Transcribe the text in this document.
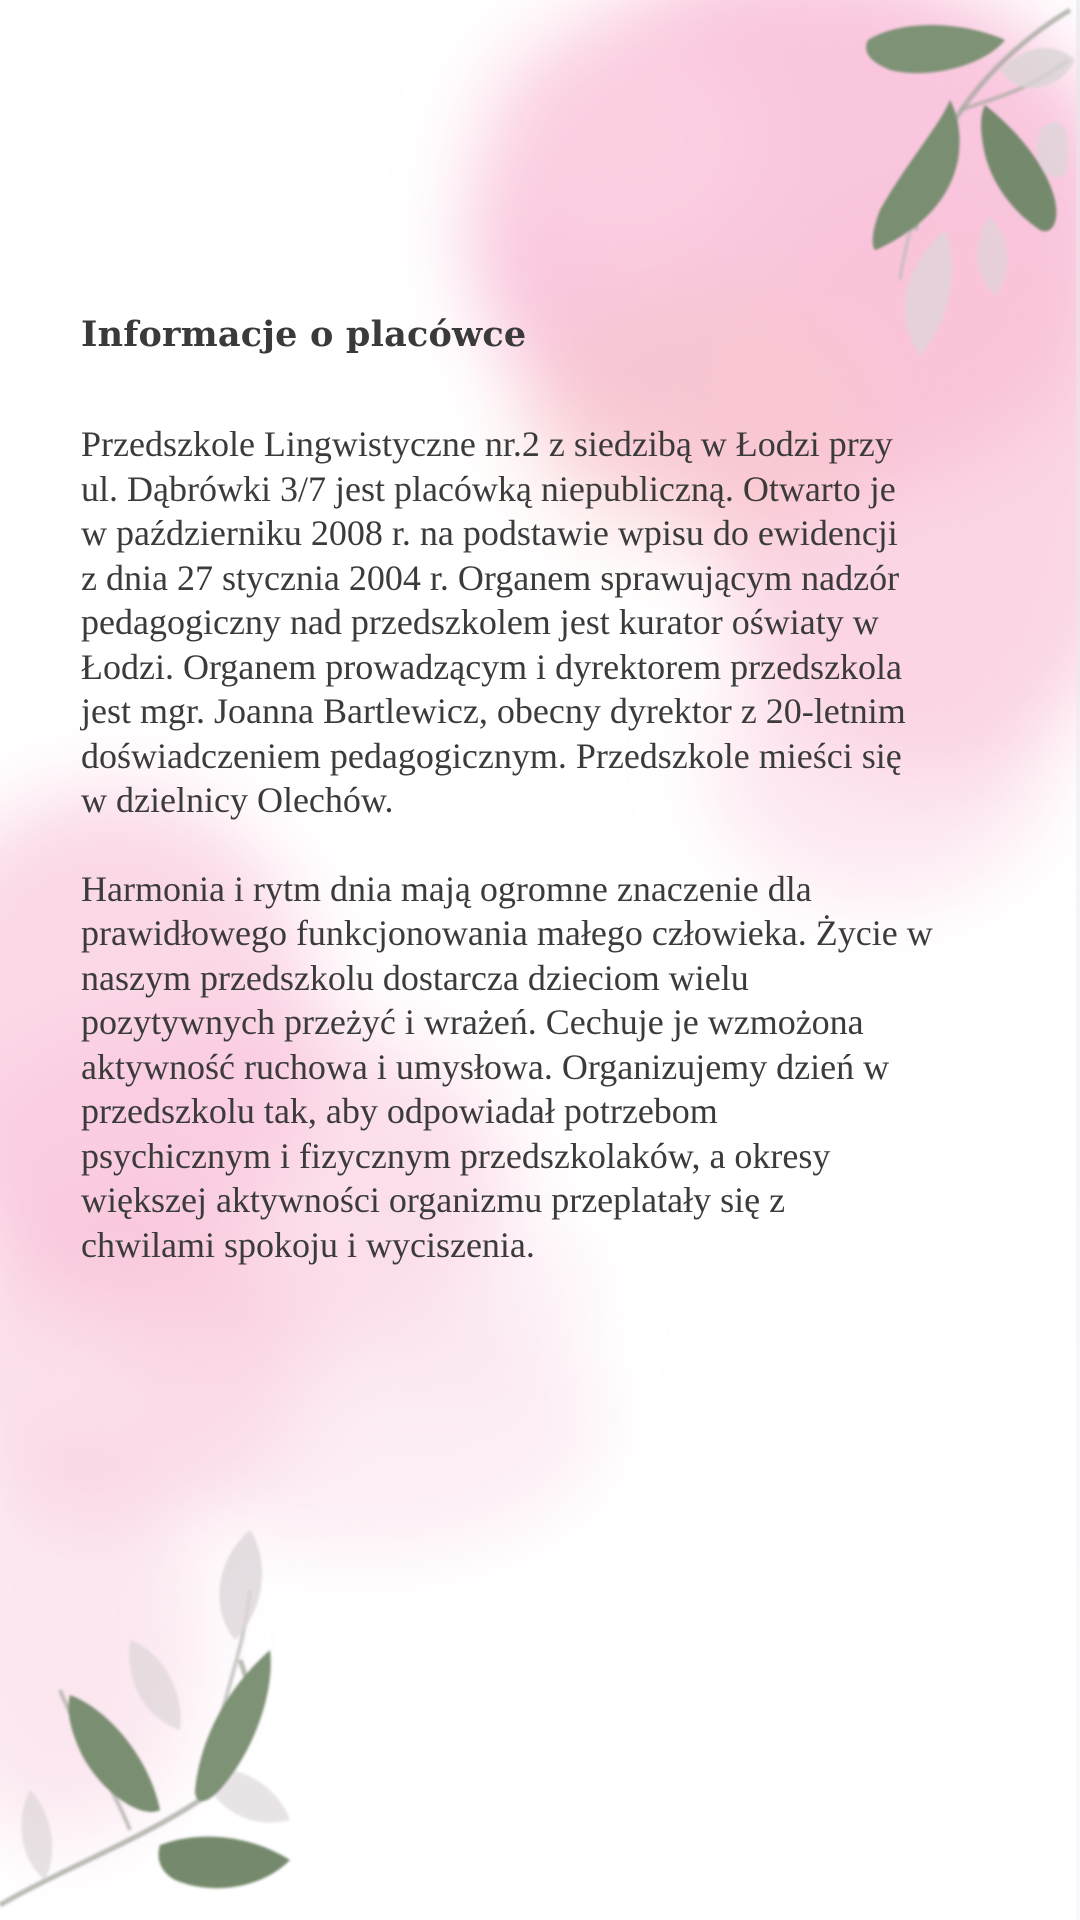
Informacje o placówce

Przedszkole Lingwistyczne nr.2 z siedzibą w Łodzi przy
ul. Dąbrówki 3/7 jest placówką niepubliczną. Otwarto je
w październiku 2008 r. na podstawie wpisu do ewidencji
z dnia 27 stycznia 2004 r. Organem sprawującym nadzór
pedagogiczny nad przedszkolem jest kurator oświaty w
Łodzi. Organem prowadzącym i dyrektorem przedszkola
jest mgr. Joanna Bartlewicz, obecny dyrektor z 20-letnim
doświadczeniem pedagogicznym. Przedszkole mieści się
w dzielnicy Olechów.

Harmonia i rytm dnia mają ogromne znaczenie dla
prawidłowego funkcjonowania małego człowieka. Życie w
naszym przedszkolu dostarcza dzieciom wielu
pozytywnych przeżyć i wrażeń. Cechuje je wzmożona
aktywność ruchowa i umysłowa. Organizujemy dzień w
przedszkolu tak, aby odpowiadał potrzebom
psychicznym i fizycznym przedszkolaków, a okresy
większej aktywności organizmu przeplatały się z
chwilami spokoju i wyciszenia.
